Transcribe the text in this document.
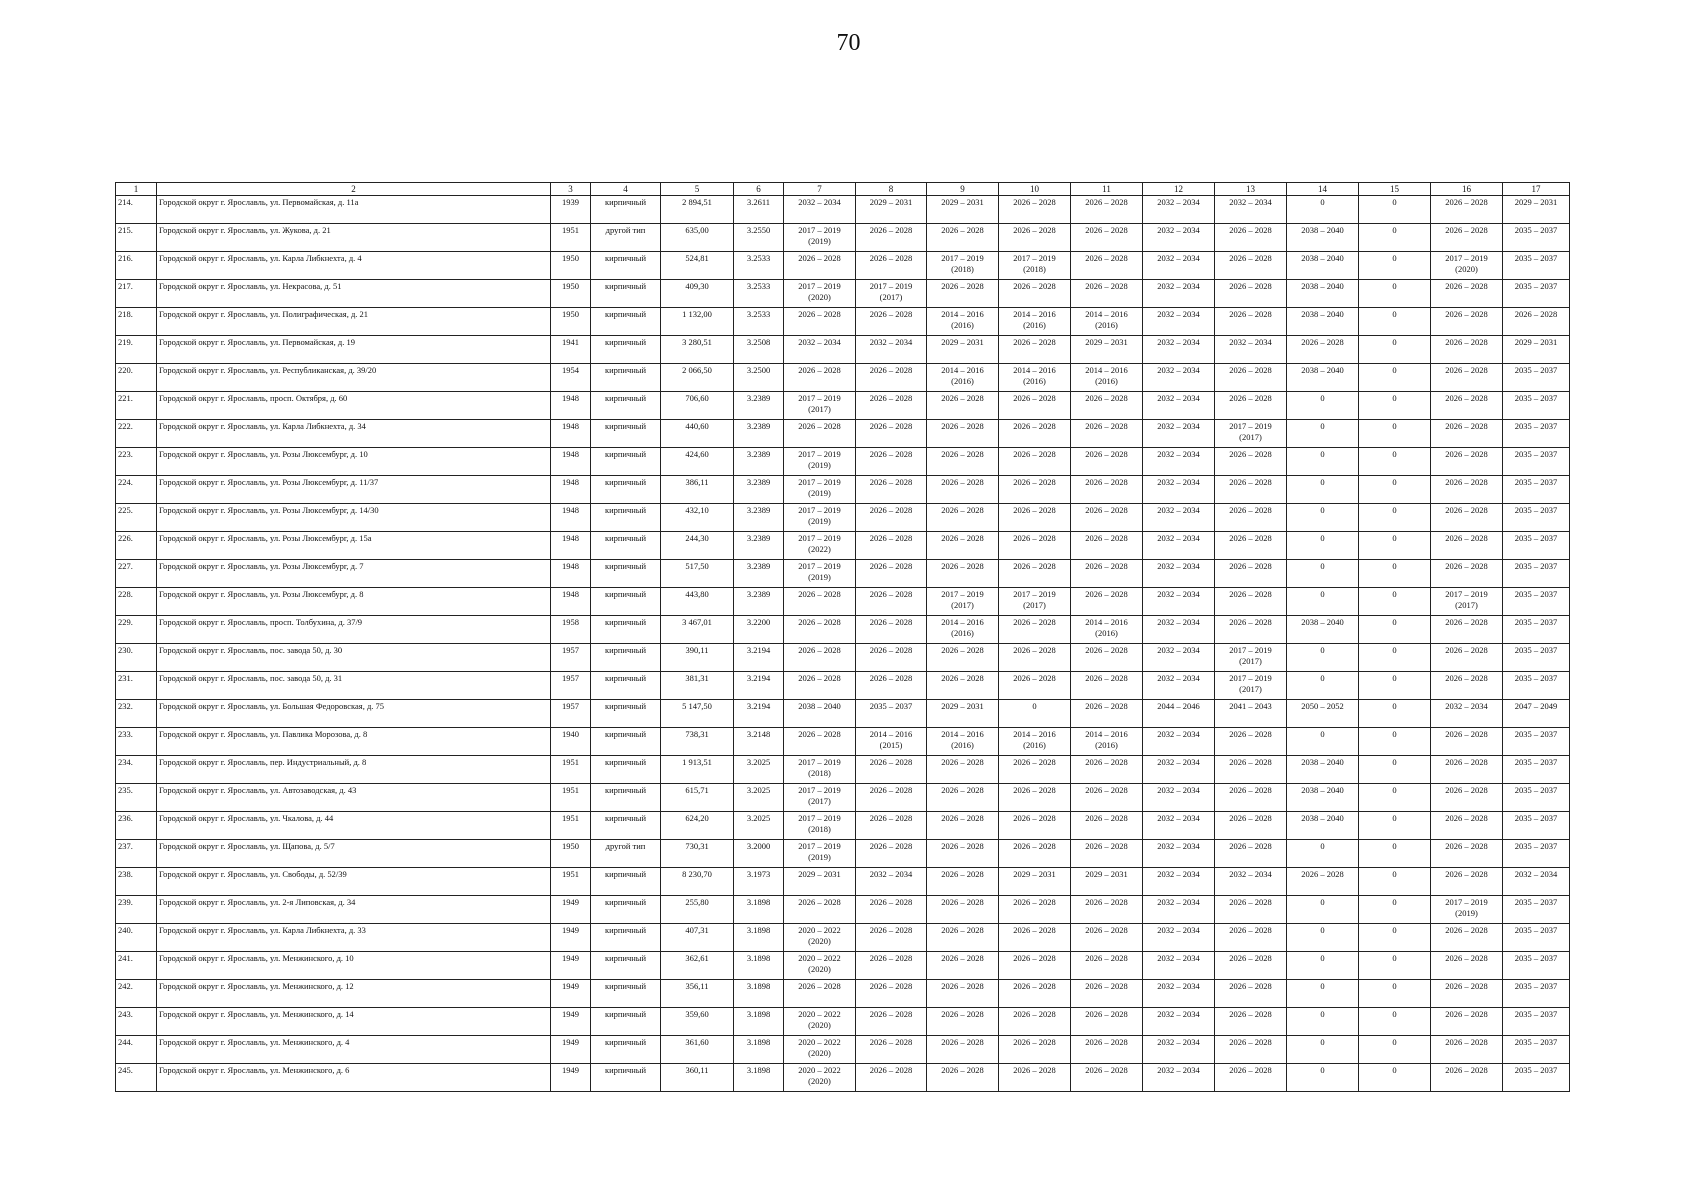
70
1	2	3	4	5	6	7	8	9	10	11	12	13	14	15	16	17

214.	Городской округ г. Ярославль, ул. Первомайская, д. 11а	1939	кирпичный	2 894,51	3.2611	2032 – 2034	2029 – 2031	2029 – 2031	2026 – 2028	2026 – 2028	2032 – 2034	2032 – 2034	0	0	2026 – 2028	2029 – 2031

215.	Городской округ г. Ярославль, ул. Жукова, д. 21	1951	другой тип	635,00	3.2550	2017 – 2019
(2019)	2026 – 2028	2026 – 2028	2026 – 2028	2026 – 2028	2032 – 2034	2026 – 2028	2038 – 2040	0	2026 – 2028	2035 – 2037

216.	Городской округ г. Ярославль, ул. Карла Либкнехта, д. 4	1950	кирпичный	524,81	3.2533	2026 – 2028	2026 – 2028	2017 – 2019
(2018)	2017 – 2019
(2018)	2026 – 2028	2032 – 2034	2026 – 2028	2038 – 2040	0	2017 – 2019
(2020)	2035 – 2037

217.	Городской округ г. Ярославль, ул. Некрасова, д. 51	1950	кирпичный	409,30	3.2533	2017 – 2019
(2020)	2017 – 2019
(2017)	2026 – 2028	2026 – 2028	2026 – 2028	2032 – 2034	2026 – 2028	2038 – 2040	0	2026 – 2028	2035 – 2037

218.	Городской округ г. Ярославль, ул. Полиграфическая, д. 21	1950	кирпичный	1 132,00	3.2533	2026 – 2028	2026 – 2028	2014 – 2016
(2016)	2014 – 2016
(2016)	2014 – 2016
(2016)	2032 – 2034	2026 – 2028	2038 – 2040	0	2026 – 2028	2026 – 2028

219.	Городской округ г. Ярославль, ул. Первомайская, д. 19	1941	кирпичный	3 280,51	3.2508	2032 – 2034	2032 – 2034	2029 – 2031	2026 – 2028	2029 – 2031	2032 – 2034	2032 – 2034	2026 – 2028	0	2026 – 2028	2029 – 2031

220.	Городской округ г. Ярославль, ул. Республиканская, д. 39/20	1954	кирпичный	2 066,50	3.2500	2026 – 2028	2026 – 2028	2014 – 2016
(2016)	2014 – 2016
(2016)	2014 – 2016
(2016)	2032 – 2034	2026 – 2028	2038 – 2040	0	2026 – 2028	2035 – 2037

221.	Городской округ г. Ярославль, просп. Октября, д. 60	1948	кирпичный	706,60	3.2389	2017 – 2019
(2017)	2026 – 2028	2026 – 2028	2026 – 2028	2026 – 2028	2032 – 2034	2026 – 2028	0	0	2026 – 2028	2035 – 2037

222.	Городской округ г. Ярославль, ул. Карла Либкнехта, д. 34	1948	кирпичный	440,60	3.2389	2026 – 2028	2026 – 2028	2026 – 2028	2026 – 2028	2026 – 2028	2032 – 2034	2017 – 2019
(2017)	0	0	2026 – 2028	2035 – 2037

223.	Городской округ г. Ярославль, ул. Розы Люксембург, д. 10	1948	кирпичный	424,60	3.2389	2017 – 2019
(2019)	2026 – 2028	2026 – 2028	2026 – 2028	2026 – 2028	2032 – 2034	2026 – 2028	0	0	2026 – 2028	2035 – 2037

224.	Городской округ г. Ярославль, ул. Розы Люксембург, д. 11/37	1948	кирпичный	386,11	3.2389	2017 – 2019
(2019)	2026 – 2028	2026 – 2028	2026 – 2028	2026 – 2028	2032 – 2034	2026 – 2028	0	0	2026 – 2028	2035 – 2037

225.	Городской округ г. Ярославль, ул. Розы Люксембург, д. 14/30	1948	кирпичный	432,10	3.2389	2017 – 2019
(2019)	2026 – 2028	2026 – 2028	2026 – 2028	2026 – 2028	2032 – 2034	2026 – 2028	0	0	2026 – 2028	2035 – 2037

226.	Городской округ г. Ярославль, ул. Розы Люксембург, д. 15а	1948	кирпичный	244,30	3.2389	2017 – 2019
(2022)	2026 – 2028	2026 – 2028	2026 – 2028	2026 – 2028	2032 – 2034	2026 – 2028	0	0	2026 – 2028	2035 – 2037

227.	Городской округ г. Ярославль, ул. Розы Люксембург, д. 7	1948	кирпичный	517,50	3.2389	2017 – 2019
(2019)	2026 – 2028	2026 – 2028	2026 – 2028	2026 – 2028	2032 – 2034	2026 – 2028	0	0	2026 – 2028	2035 – 2037

228.	Городской округ г. Ярославль, ул. Розы Люксембург, д. 8	1948	кирпичный	443,80	3.2389	2026 – 2028	2026 – 2028	2017 – 2019
(2017)	2017 – 2019
(2017)	2026 – 2028	2032 – 2034	2026 – 2028	0	0	2017 – 2019
(2017)	2035 – 2037

229.	Городской округ г. Ярославль, просп. Толбухина, д. 37/9	1958	кирпичный	3 467,01	3.2200	2026 – 2028	2026 – 2028	2014 – 2016
(2016)	2026 – 2028	2014 – 2016
(2016)	2032 – 2034	2026 – 2028	2038 – 2040	0	2026 – 2028	2035 – 2037

230.	Городской округ г. Ярославль, пос. завода 50, д. 30	1957	кирпичный	390,11	3.2194	2026 – 2028	2026 – 2028	2026 – 2028	2026 – 2028	2026 – 2028	2032 – 2034	2017 – 2019
(2017)	0	0	2026 – 2028	2035 – 2037

231.	Городской округ г. Ярославль, пос. завода 50, д. 31	1957	кирпичный	381,31	3.2194	2026 – 2028	2026 – 2028	2026 – 2028	2026 – 2028	2026 – 2028	2032 – 2034	2017 – 2019
(2017)	0	0	2026 – 2028	2035 – 2037

232.	Городской округ г. Ярославль, ул. Большая Федоровская, д. 75	1957	кирпичный	5 147,50	3.2194	2038 – 2040	2035 – 2037	2029 – 2031	0	2026 – 2028	2044 – 2046	2041 – 2043	2050 – 2052	0	2032 – 2034	2047 – 2049

233.	Городской округ г. Ярославль, ул. Павлика Морозова, д. 8	1940	кирпичный	738,31	3.2148	2026 – 2028	2014 – 2016
(2015)	2014 – 2016
(2016)	2014 – 2016
(2016)	2014 – 2016
(2016)	2032 – 2034	2026 – 2028	0	0	2026 – 2028	2035 – 2037

234.	Городской округ г. Ярославль, пер. Индустриальный, д. 8	1951	кирпичный	1 913,51	3.2025	2017 – 2019
(2018)	2026 – 2028	2026 – 2028	2026 – 2028	2026 – 2028	2032 – 2034	2026 – 2028	2038 – 2040	0	2026 – 2028	2035 – 2037

235.	Городской округ г. Ярославль, ул. Автозаводская, д. 43	1951	кирпичный	615,71	3.2025	2017 – 2019
(2017)	2026 – 2028	2026 – 2028	2026 – 2028	2026 – 2028	2032 – 2034	2026 – 2028	2038 – 2040	0	2026 – 2028	2035 – 2037

236.	Городской округ г. Ярославль, ул. Чкалова, д. 44	1951	кирпичный	624,20	3.2025	2017 – 2019
(2018)	2026 – 2028	2026 – 2028	2026 – 2028	2026 – 2028	2032 – 2034	2026 – 2028	2038 – 2040	0	2026 – 2028	2035 – 2037

237.	Городской округ г. Ярославль, ул. Щапова, д. 5/7	1950	другой тип	730,31	3.2000	2017 – 2019
(2019)	2026 – 2028	2026 – 2028	2026 – 2028	2026 – 2028	2032 – 2034	2026 – 2028	0	0	2026 – 2028	2035 – 2037

238.	Городской округ г. Ярославль, ул. Свободы, д. 52/39	1951	кирпичный	8 230,70	3.1973	2029 – 2031	2032 – 2034	2026 – 2028	2029 – 2031	2029 – 2031	2032 – 2034	2032 – 2034	2026 – 2028	0	2026 – 2028	2032 – 2034

239.	Городской округ г. Ярославль, ул. 2-я Липовская, д. 34	1949	кирпичный	255,80	3.1898	2026 – 2028	2026 – 2028	2026 – 2028	2026 – 2028	2026 – 2028	2032 – 2034	2026 – 2028	0	0	2017 – 2019
(2019)	2035 – 2037

240.	Городской округ г. Ярославль, ул. Карла Либкнехта, д. 33	1949	кирпичный	407,31	3.1898	2020 – 2022
(2020)	2026 – 2028	2026 – 2028	2026 – 2028	2026 – 2028	2032 – 2034	2026 – 2028	0	0	2026 – 2028	2035 – 2037

241.	Городской округ г. Ярославль, ул. Менжинского, д. 10	1949	кирпичный	362,61	3.1898	2020 – 2022
(2020)	2026 – 2028	2026 – 2028	2026 – 2028	2026 – 2028	2032 – 2034	2026 – 2028	0	0	2026 – 2028	2035 – 2037

242.	Городской округ г. Ярославль, ул. Менжинского, д. 12	1949	кирпичный	356,11	3.1898	2026 – 2028	2026 – 2028	2026 – 2028	2026 – 2028	2026 – 2028	2032 – 2034	2026 – 2028	0	0	2026 – 2028	2035 – 2037

243.	Городской округ г. Ярославль, ул. Менжинского, д. 14	1949	кирпичный	359,60	3.1898	2020 – 2022
(2020)	2026 – 2028	2026 – 2028	2026 – 2028	2026 – 2028	2032 – 2034	2026 – 2028	0	0	2026 – 2028	2035 – 2037

244.	Городской округ г. Ярославль, ул. Менжинского, д. 4	1949	кирпичный	361,60	3.1898	2020 – 2022
(2020)	2026 – 2028	2026 – 2028	2026 – 2028	2026 – 2028	2032 – 2034	2026 – 2028	0	0	2026 – 2028	2035 – 2037

245.	Городской округ г. Ярославль, ул. Менжинского, д. 6	1949	кирпичный	360,11	3.1898	2020 – 2022
(2020)	2026 – 2028	2026 – 2028	2026 – 2028	2026 – 2028	2032 – 2034	2026 – 2028	0	0	2026 – 2028	2035 – 2037
